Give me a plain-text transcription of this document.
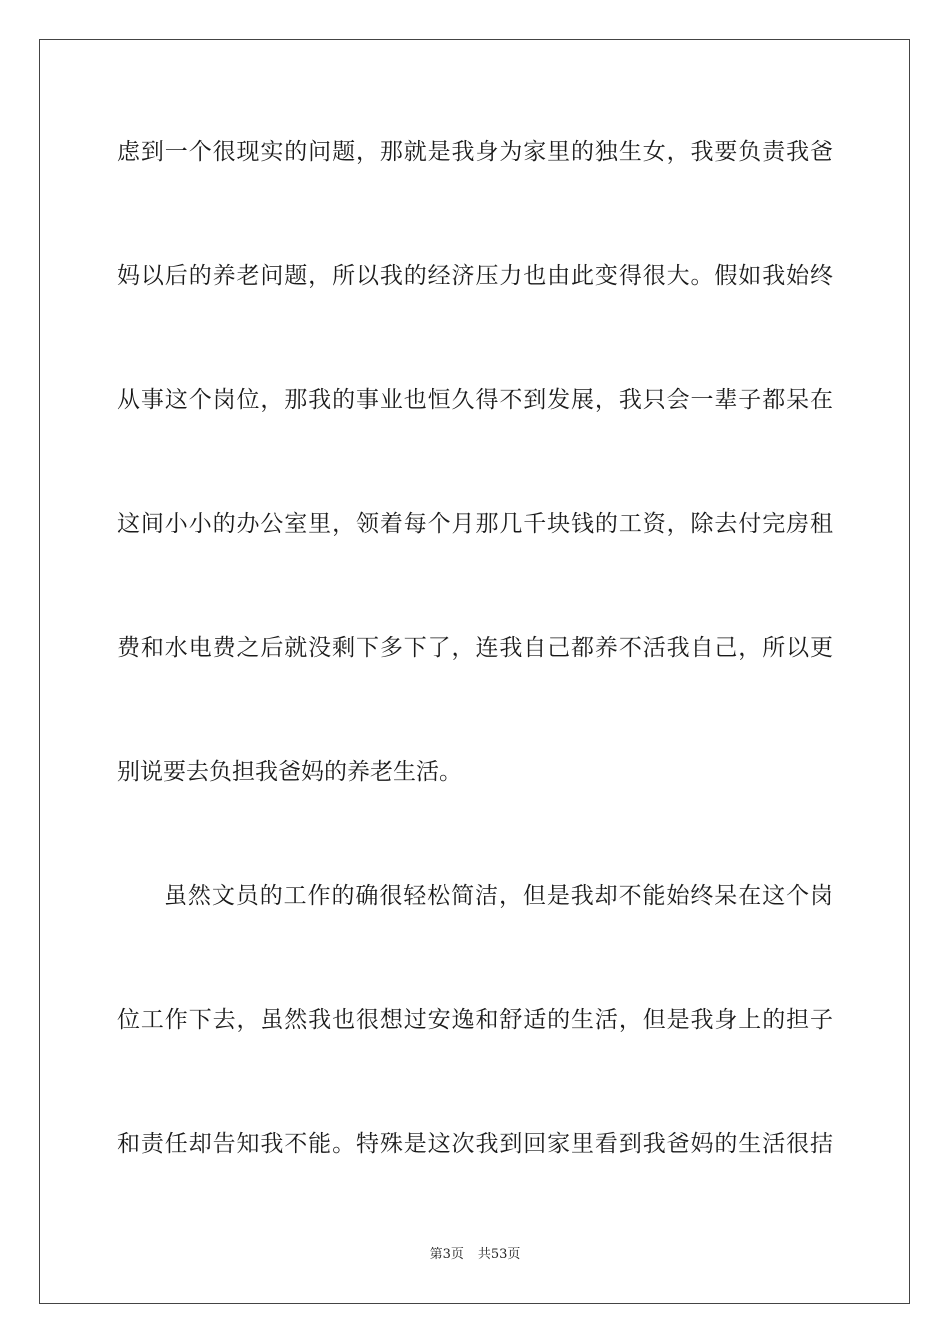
虑到一个很现实的问题，那就是我身为家里的独生女，我要负责我爸
妈以后的养老问题，所以我的经济压力也由此变得很大。假如我始终
从事这个岗位，那我的事业也恒久得不到发展，我只会一辈子都呆在
这间小小的办公室里，领着每个月那几千块钱的工资，除去付完房租
费和水电费之后就没剩下多下了，连我自己都养不活我自己，所以更
别说要去负担我爸妈的养老生活。
虽然文员的工作的确很轻松简洁，但是我却不能始终呆在这个岗
位工作下去，虽然我也很想过安逸和舒适的生活，但是我身上的担子
和责任却告知我不能。特殊是这次我到回家里看到我爸妈的生活很拮
第3页 共53页
